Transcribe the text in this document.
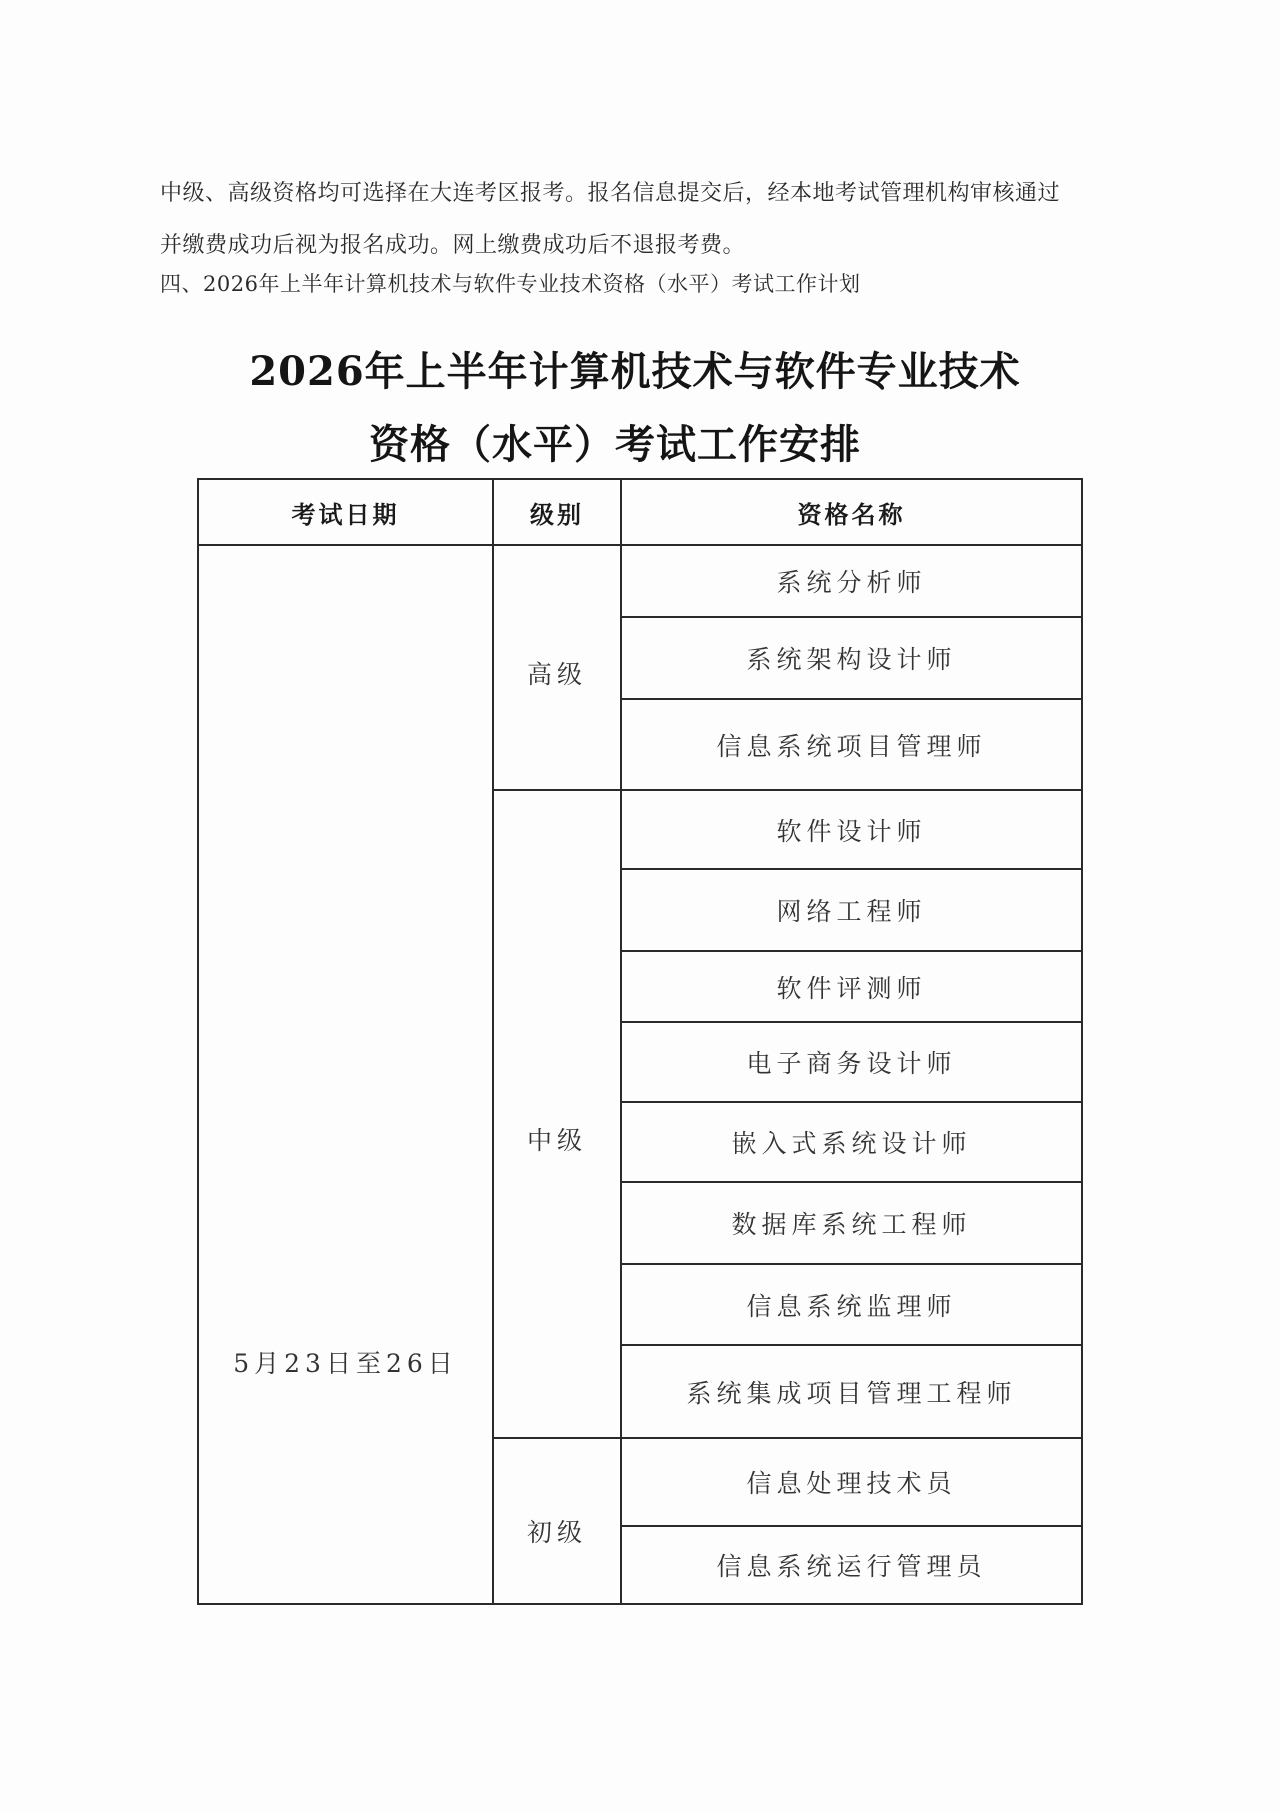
中级、高级资格均可选择在大连考区报考。报名信息提交后，经本地考试管理机构审核通过
并缴费成功后视为报名成功。网上缴费成功后不退报考费。
四、2026年上半年计算机技术与软件专业技术资格（水平）考试工作计划
2026年上半年计算机技术与软件专业技术
资格（水平）考试工作安排
考试日期	级别	资格名称
5月23日至26日	高级	系统分析师
		系统架构设计师
		信息系统项目管理师
	中级	软件设计师
		网络工程师
		软件评测师
		电子商务设计师
		嵌入式系统设计师
		数据库系统工程师
		信息系统监理师
		系统集成项目管理工程师
	初级	信息处理技术员
		信息系统运行管理员
